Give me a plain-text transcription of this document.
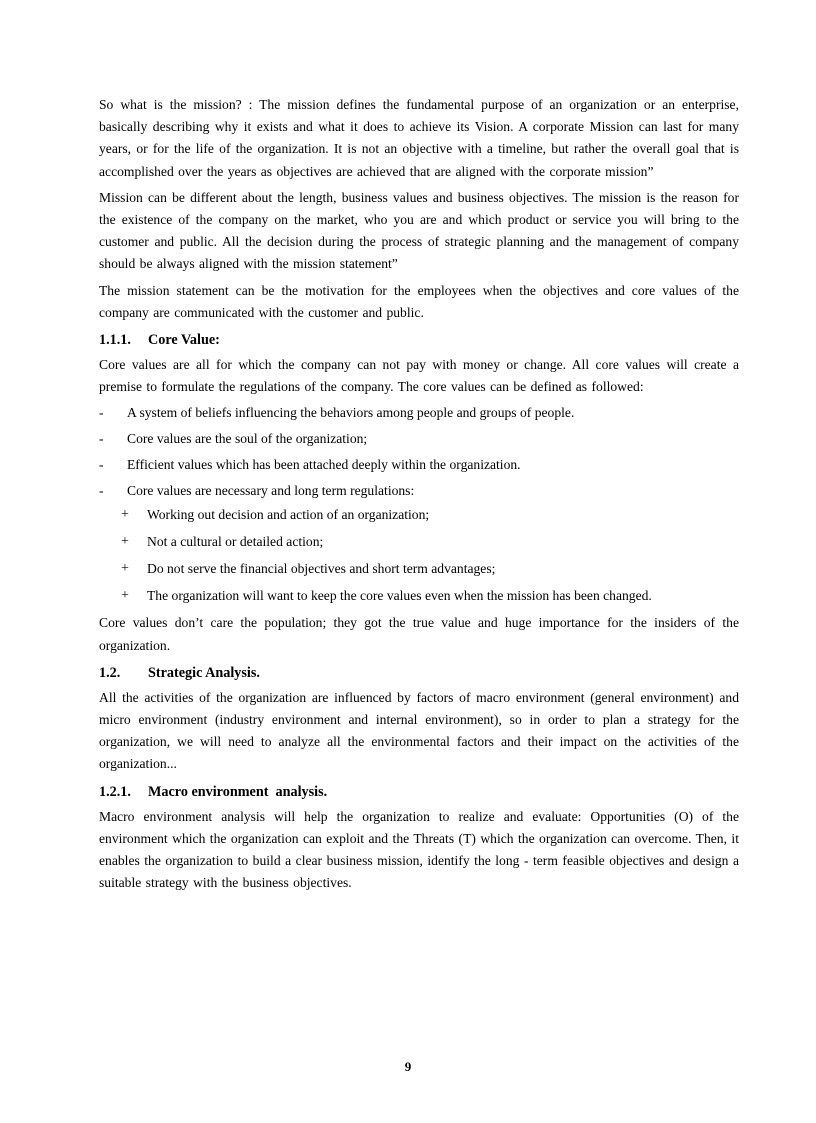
So what is the mission? : The mission defines the fundamental purpose of an organization or an enterprise, basically describing why it exists and what it does to achieve its Vision. A corporate Mission can last for many years, or for the life of the organization. It is not an objective with a timeline, but rather the overall goal that is accomplished over the years as objectives are achieved that are aligned with the corporate mission”

Mission can be different about the length, business values and business objectives. The mission is the reason for the existence of the company on the market, who you are and which product or service you will bring to the customer and public. All the decision during the process of strategic planning and the management of company should be always aligned with the mission statement”

The mission statement can be the motivation for the employees when the objectives and core values of the company are communicated with the customer and public.

1.1.1. Core Value:

Core values are all for which the company can not pay with money or change. All core values will create a premise to formulate the regulations of the company. The core values can be defined as followed:

- A system of beliefs influencing the behaviors among people and groups of people.
- Core values are the soul of the organization;
- Efficient values which has been attached deeply within the organization.
- Core values are necessary and long term regulations:
+ Working out decision and action of an organization;
+ Not a cultural or detailed action;
+ Do not serve the financial objectives and short term advantages;
+ The organization will want to keep the core values even when the mission has been changed.

Core values don’t care the population; they got the true value and huge importance for the insiders of the organization.

1.2. Strategic Analysis.

All the activities of the organization are influenced by factors of macro environment (general environment) and micro environment (industry environment and internal environment), so in order to plan a strategy for the organization, we will need to analyze all the environmental factors and their impact on the activities of the organization...

1.2.1. Macro environment  analysis.

Macro environment analysis will help the organization to realize and evaluate: Opportunities (O) of the environment which the organization can exploit and the Threats (T) which the organization can overcome. Then, it enables the organization to build a clear business mission, identify the long - term feasible objectives and design a suitable strategy with the business objectives.

9
